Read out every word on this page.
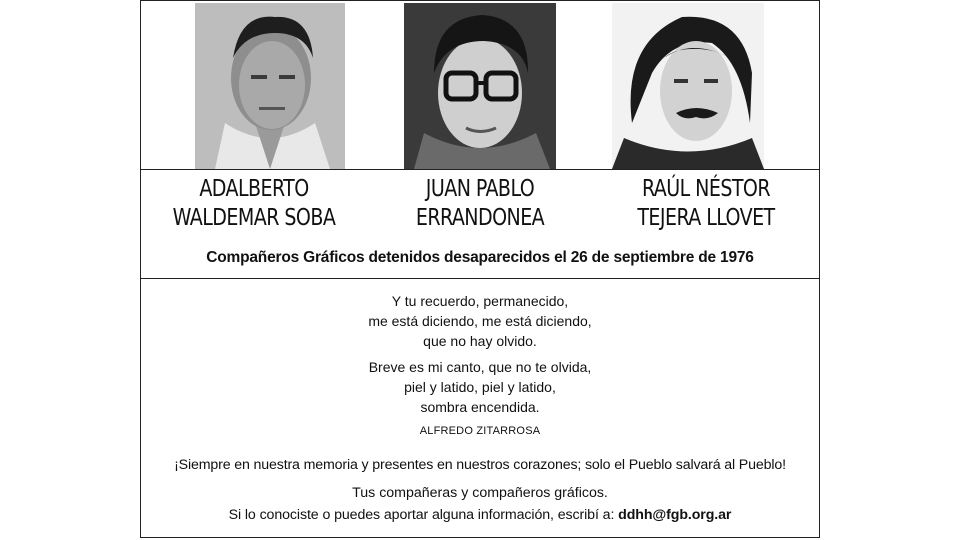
ADALBERTO
WALDEMAR SOBA
JUAN PABLO
ERRANDONEA
RAÚL NÉSTOR
TEJERA LLOVET
Compañeros Gráficos detenidos desaparecidos el 26 de septiembre de 1976
Y tu recuerdo, permanecido,
me está diciendo, me está diciendo,
que no hay olvido.
Breve es mi canto, que no te olvida,
piel y latido, piel y latido,
sombra encendida.
ALFREDO ZITARROSA
¡Siempre en nuestra memoria y presentes en nuestros corazones; solo el Pueblo salvará al Pueblo!
Tus compañeras y compañeros gráficos.
Si lo conociste o puedes aportar alguna información, escribí a: ddhh@fgb.org.ar
